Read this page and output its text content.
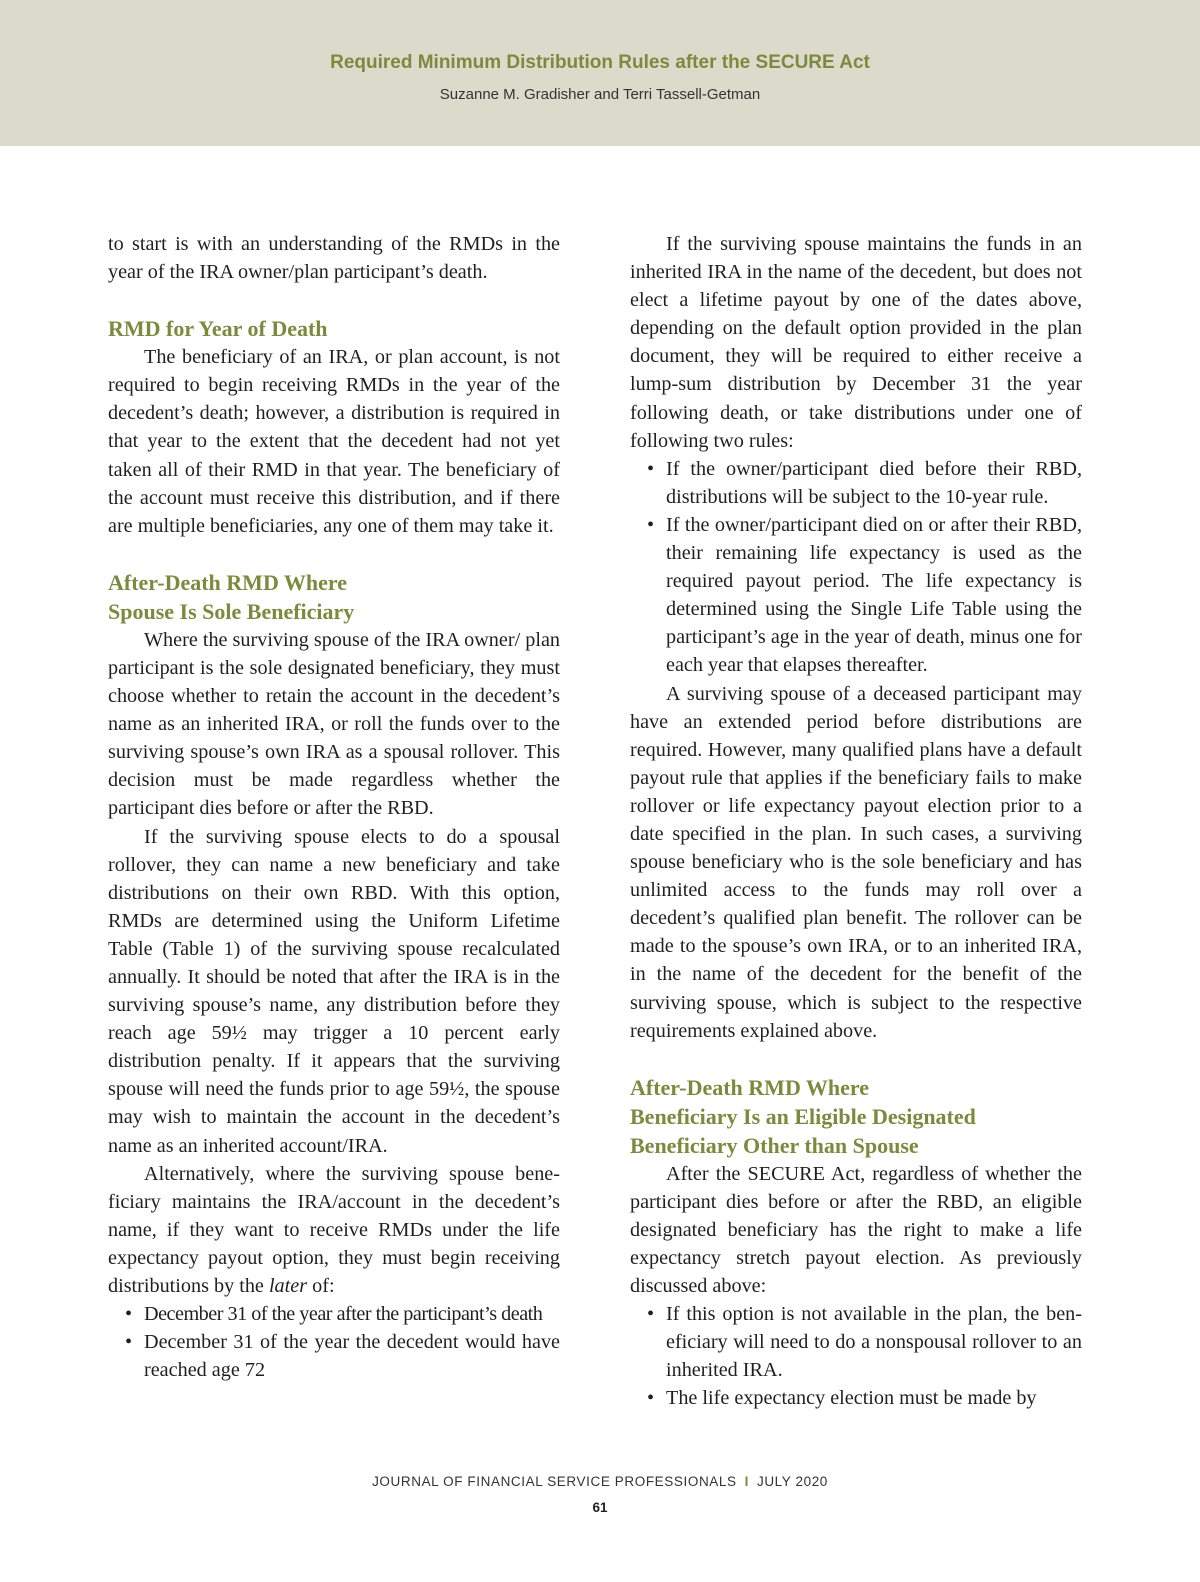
Required Minimum Distribution Rules after the SECURE Act
Suzanne M. Gradisher and Terri Tassell-Getman

to start is with an understanding of the RMDs in the year of the IRA owner/plan participant’s death.

RMD for Year of Death

The beneficiary of an IRA, or plan account, is not required to begin receiving RMDs in the year of the decedent’s death; however, a distribution is required in that year to the extent that the decedent had not yet taken all of their RMD in that year. The beneficiary of the account must receive this distribution, and if there are multiple beneficiaries, any one of them may take it.

After-Death RMD Where
Spouse Is Sole Beneficiary

Where the surviving spouse of the IRA owner/ plan participant is the sole designated beneficiary, they must choose whether to retain the account in the decedent’s name as an inherited IRA, or roll the funds over to the surviving spouse’s own IRA as a spousal rollover. This decision must be made regardless whether the participant dies before or after the RBD.

If the surviving spouse elects to do a spousal rollover, they can name a new beneficiary and take distributions on their own RBD. With this option, RMDs are determined using the Uniform Lifetime Table (Table 1) of the surviving spouse recalculated annually. It should be noted that after the IRA is in the surviving spouse’s name, any distribution before they reach age 59½ may trigger a 10 percent early distribution penalty. If it appears that the surviving spouse will need the funds prior to age 59½, the spouse may wish to maintain the account in the decedent’s name as an inherited account/IRA.

Alternatively, where the surviving spouse beneficiary maintains the IRA/account in the decedent’s name, if they want to receive RMDs under the life expectancy payout option, they must begin receiving distributions by the later of:

• December 31 of the year after the participant’s death
• December 31 of the year the decedent would have reached age 72

If the surviving spouse maintains the funds in an inherited IRA in the name of the decedent, but does not elect a lifetime payout by one of the dates above, depending on the default option provided in the plan document, they will be required to either receive a lump-sum distribution by December 31 the year following death, or take distributions under one of following two rules:

• If the owner/participant died before their RBD, distributions will be subject to the 10-year rule.
• If the owner/participant died on or after their RBD, their remaining life expectancy is used as the required payout period. The life expectancy is determined using the Single Life Table using the participant’s age in the year of death, minus one for each year that elapses thereafter.

A surviving spouse of a deceased participant may have an extended period before distributions are required. However, many qualified plans have a default payout rule that applies if the beneficiary fails to make rollover or life expectancy payout election prior to a date specified in the plan. In such cases, a surviving spouse beneficiary who is the sole beneficiary and has unlimited access to the funds may roll over a decedent’s qualified plan benefit. The rollover can be made to the spouse’s own IRA, or to an inherited IRA, in the name of the decedent for the benefit of the surviving spouse, which is subject to the respective requirements explained above.

After-Death RMD Where
Beneficiary Is an Eligible Designated
Beneficiary Other than Spouse

After the SECURE Act, regardless of whether the participant dies before or after the RBD, an eligible designated beneficiary has the right to make a life expectancy stretch payout election. As previously discussed above:

• If this option is not available in the plan, the beneficiary will need to do a nonspousal rollover to an inherited IRA.
• The life expectancy election must be made by
JOURNAL OF FINANCIAL SERVICE PROFESSIONALS I JULY 2020
61
